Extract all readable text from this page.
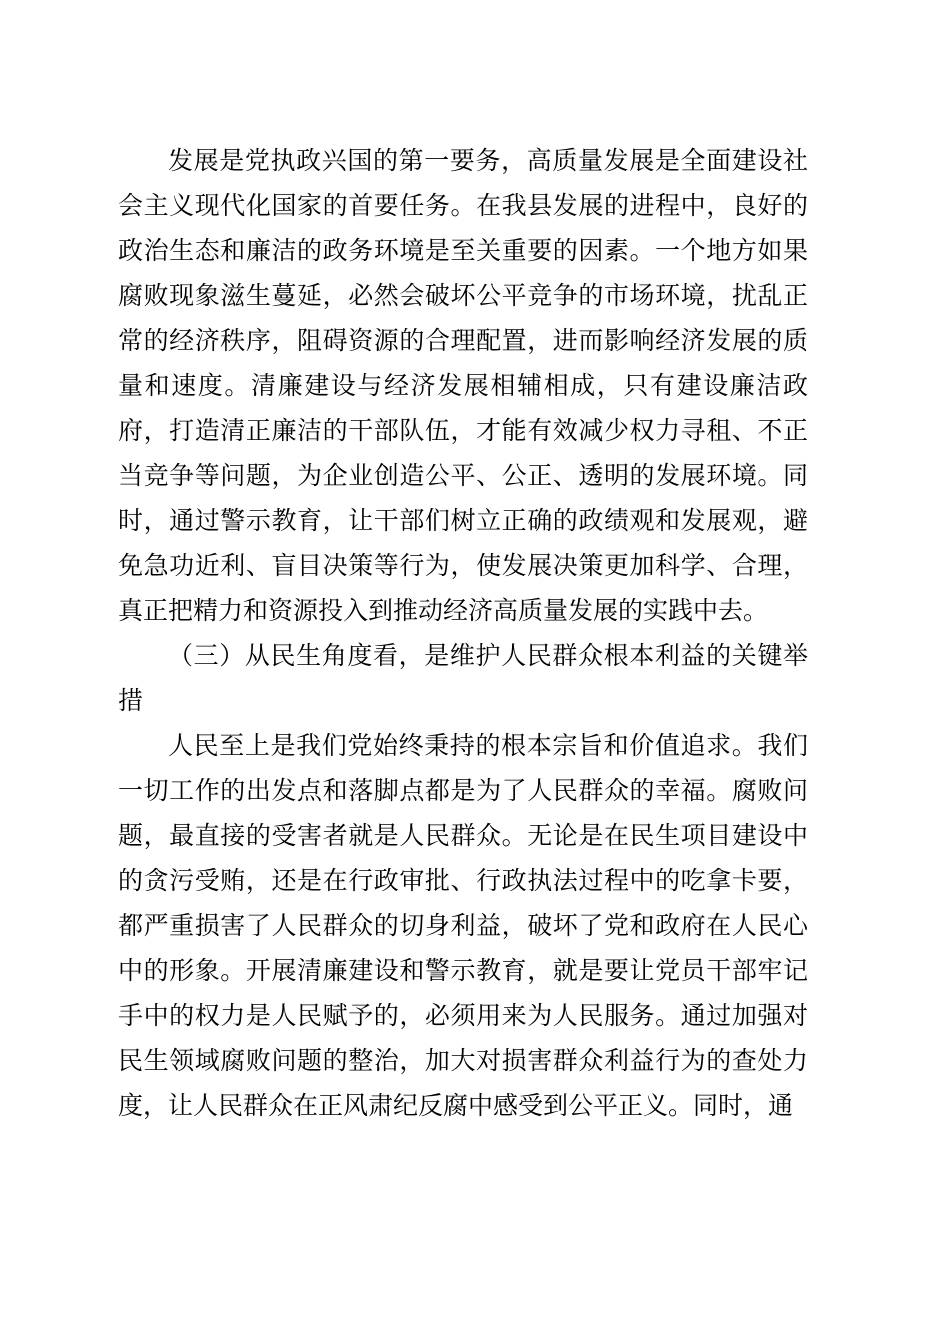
发展是党执政兴国的第一要务，高质量发展是全面建设社会主义现代化国家的首要任务。在我县发展的进程中，良好的政治生态和廉洁的政务环境是至关重要的因素。一个地方如果腐败现象滋生蔓延，必然会破坏公平竞争的市场环境，扰乱正常的经济秩序，阻碍资源的合理配置，进而影响经济发展的质量和速度。清廉建设与经济发展相辅相成，只有建设廉洁政府，打造清正廉洁的干部队伍，才能有效减少权力寻租、不正当竞争等问题，为企业创造公平、公正、透明的发展环境。同时，通过警示教育，让干部们树立正确的政绩观和发展观，避免急功近利、盲目决策等行为，使发展决策更加科学、合理，真正把精力和资源投入到推动经济高质量发展的实践中去。

（三）从民生角度看，是维护人民群众根本利益的关键举措

人民至上是我们党始终秉持的根本宗旨和价值追求。我们一切工作的出发点和落脚点都是为了人民群众的幸福。腐败问题，最直接的受害者就是人民群众。无论是在民生项目建设中的贪污受贿，还是在行政审批、行政执法过程中的吃拿卡要，都严重损害了人民群众的切身利益，破坏了党和政府在人民心中的形象。开展清廉建设和警示教育，就是要让党员干部牢记手中的权力是人民赋予的，必须用来为人民服务。通过加强对民生领域腐败问题的整治，加大对损害群众利益行为的查处力度，让人民群众在正风肃纪反腐中感受到公平正义。同时，通
